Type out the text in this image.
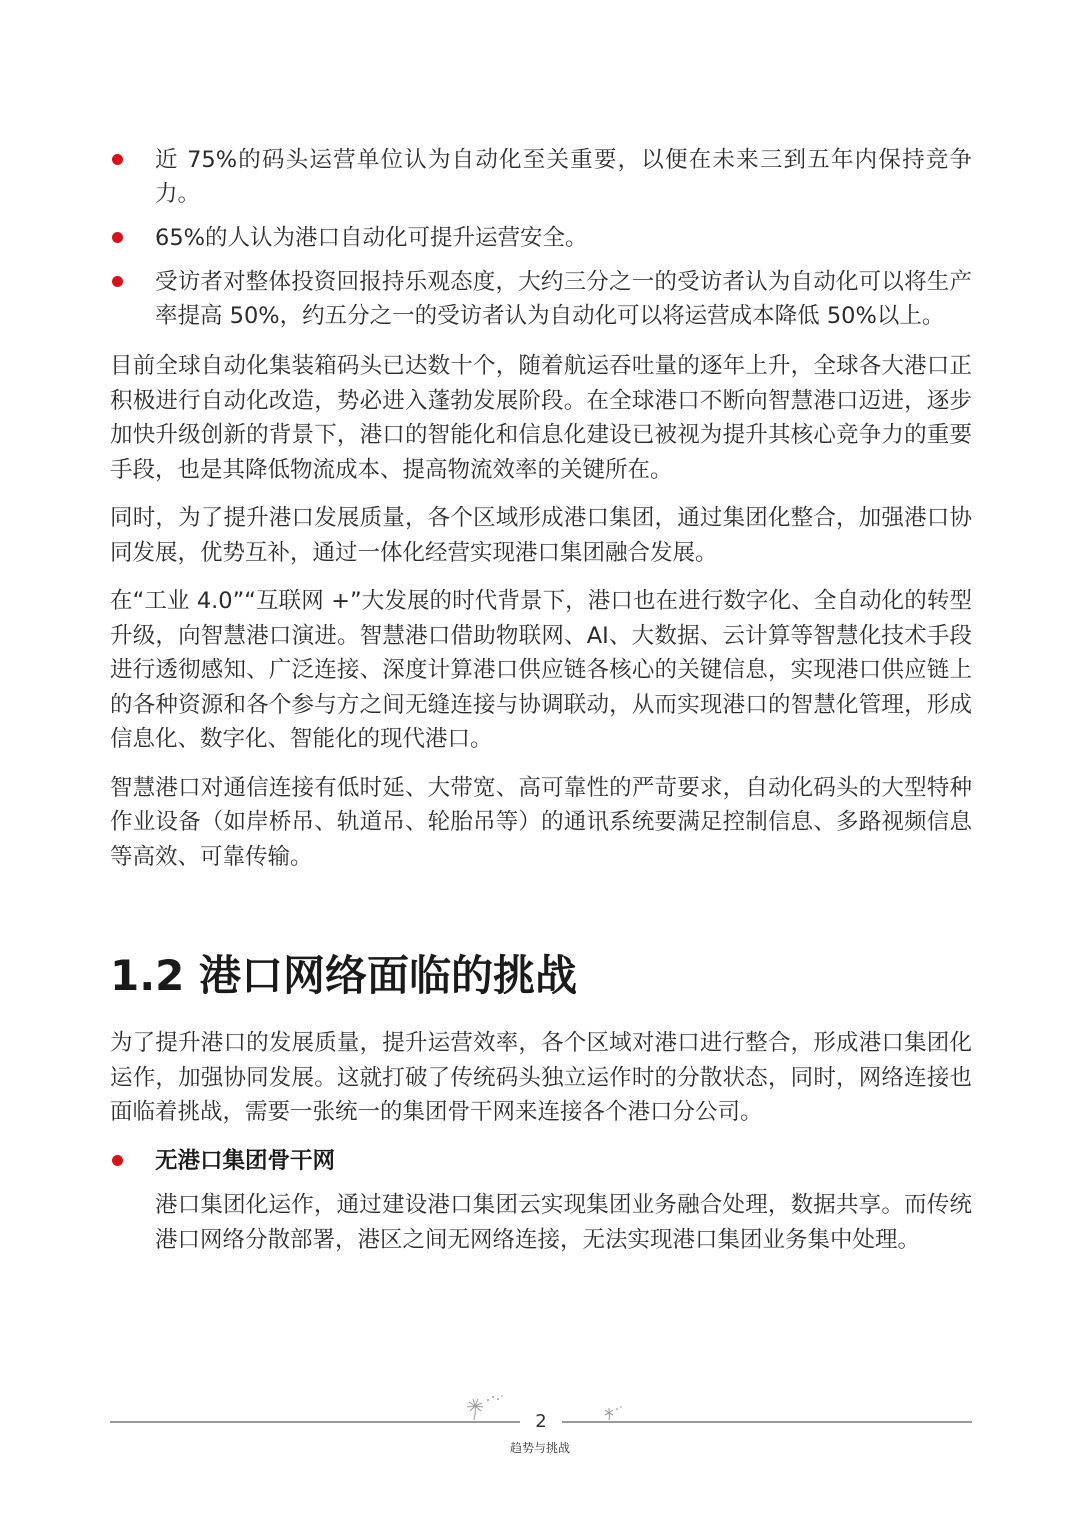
近 75%的码头运营单位认为自动化至关重要，以便在未来三到五年内保持竞争力。
65%的人认为港口自动化可提升运营安全。
受访者对整体投资回报持乐观态度，大约三分之一的受访者认为自动化可以将生产率提高 50%，约五分之一的受访者认为自动化可以将运营成本降低 50%以上。

目前全球自动化集装箱码头已达数十个，随着航运吞吐量的逐年上升，全球各大港口正积极进行自动化改造，势必进入蓬勃发展阶段。在全球港口不断向智慧港口迈进，逐步加快升级创新的背景下，港口的智能化和信息化建设已被视为提升其核心竞争力的重要手段，也是其降低物流成本、提高物流效率的关键所在。

同时，为了提升港口发展质量，各个区域形成港口集团，通过集团化整合，加强港口协同发展，优势互补，通过一体化经营实现港口集团融合发展。

在“工业 4.0”“互联网 +”大发展的时代背景下，港口也在进行数字化、全自动化的转型升级，向智慧港口演进。智慧港口借助物联网、AI、大数据、云计算等智慧化技术手段进行透彻感知、广泛连接、深度计算港口供应链各核心的关键信息，实现港口供应链上的各种资源和各个参与方之间无缝连接与协调联动，从而实现港口的智慧化管理，形成信息化、数字化、智能化的现代港口。

智慧港口对通信连接有低时延、大带宽、高可靠性的严苛要求，自动化码头的大型特种作业设备（如岸桥吊、轨道吊、轮胎吊等）的通讯系统要满足控制信息、多路视频信息等高效、可靠传输。

1.2 港口网络面临的挑战

为了提升港口的发展质量，提升运营效率，各个区域对港口进行整合，形成港口集团化运作，加强协同发展。这就打破了传统码头独立运作时的分散状态，同时，网络连接也面临着挑战，需要一张统一的集团骨干网来连接各个港口分公司。

无港口集团骨干网

港口集团化运作，通过建设港口集团云实现集团业务融合处理，数据共享。而传统港口网络分散部署，港区之间无网络连接，无法实现港口集团业务集中处理。

2
趋势与挑战
